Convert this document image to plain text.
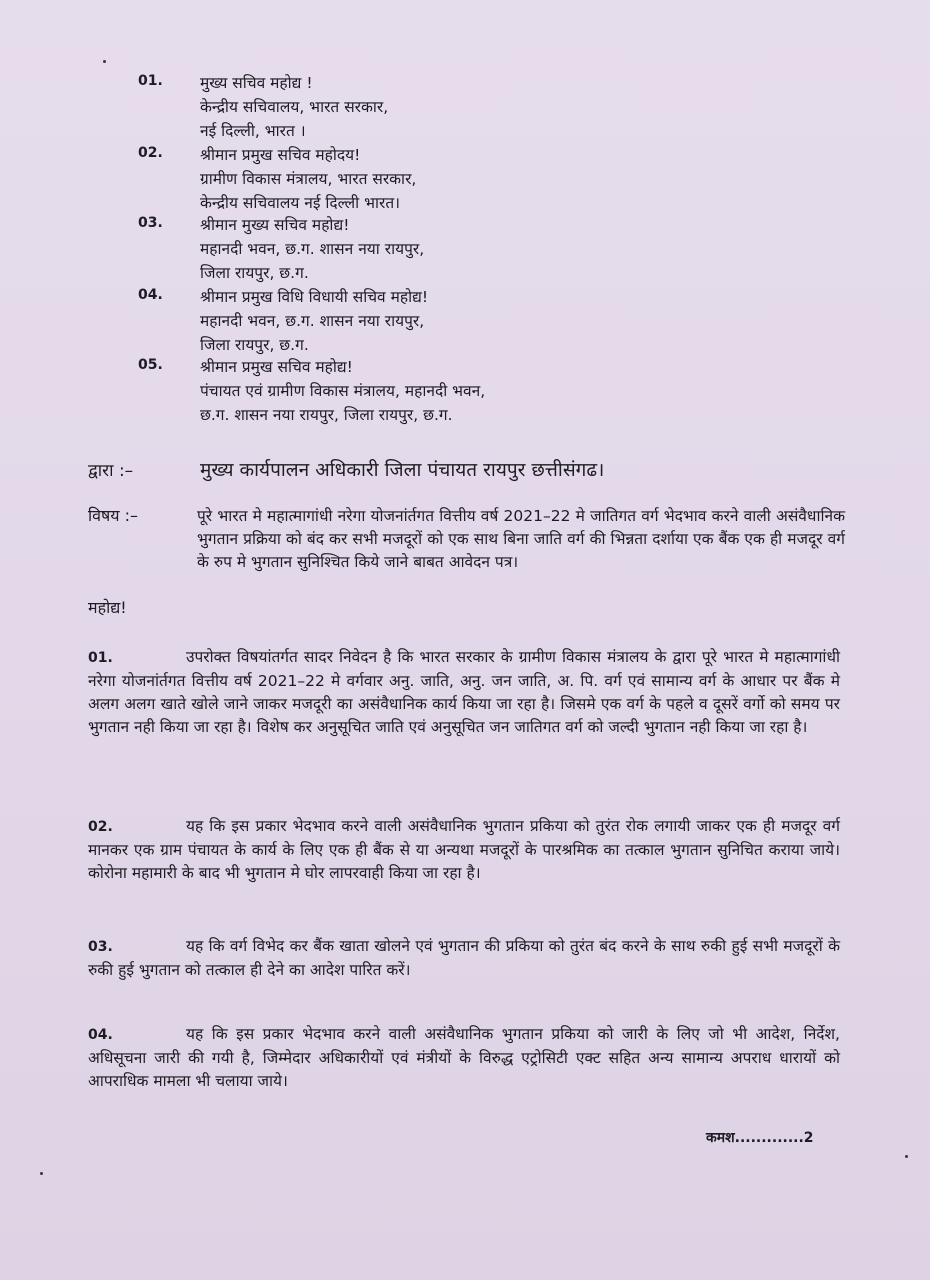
01. मुख्य सचिव महोद्य !
केन्द्रीय सचिवालय, भारत सरकार,
नई दिल्ली, भारत ।
02. श्रीमान प्रमुख सचिव महोदय!
ग्रामीण विकास मंत्रालय, भारत सरकार,
केन्द्रीय सचिवालय नई दिल्ली भारत।
03. श्रीमान मुख्य सचिव महोद्य!
महानदी भवन, छ.ग. शासन नया रायपुर,
जिला रायपुर, छ.ग.
04. श्रीमान प्रमुख विधि विधायी सचिव महोद्य!
महानदी भवन, छ.ग. शासन नया रायपुर,
जिला रायपुर, छ.ग.
05. श्रीमान प्रमुख सचिव महोद्य!
पंचायत एवं ग्रामीण विकास मंत्रालय, महानदी भवन,
छ.ग. शासन नया रायपुर, जिला रायपुर, छ.ग.
द्वारा :–	मुख्य कार्यपालन अधिकारी जिला पंचायत रायपुर छत्तीसंगढ।
विषय :–	पूरे भारत मे महात्मागांधी नरेगा योजनांर्तगत वित्तीय वर्ष 2021–22 मे जातिगत वर्ग भेदभाव करने वाली असंवैधानिक भुगतान प्रक्रिया को बंद कर सभी मजदूरों को एक साथ बिना जाति वर्ग की भिन्नता दर्शाया एक बैंक एक ही मजदूर वर्ग के रुप मे भुगतान सुनिश्चित किये जाने बाबत आवेदन पत्र।
महोद्य!
01.	उपरोक्त विषयांतर्गत सादर निवेदन है कि भारत सरकार के ग्रामीण विकास मंत्रालय के द्वारा पूरे भारत मे महात्मागांधी नरेगा योजनांर्तगत वित्तीय वर्ष 2021–22 मे वर्गवार अनु. जाति, अनु. जन जाति, अ. पि. वर्ग एवं सामान्य वर्ग के आधार पर बैंक मे अलग अलग खाते खोले जाने जाकर मजदूरी का असंवैधानिक कार्य किया जा रहा है। जिसमे एक वर्ग के पहले व दूसरें वर्गो को समय पर भुगतान नही किया जा रहा है। विशेष कर अनुसूचित जाति एवं अनुसूचित जन जातिगत वर्ग को जल्दी भुगतान नही किया जा रहा है।
02.	यह कि इस प्रकार भेदभाव करने वाली असंवैधानिक भुगतान प्रकिया को तुरंत रोक लगायी जाकर एक ही मजदूर वर्ग मानकर एक ग्राम पंचायत के कार्य के लिए एक ही बैंक से या अन्यथा मजदूरों के पारश्रमिक का तत्काल भुगतान सुनिचित कराया जाये। कोरोना महामारी के बाद भी भुगतान मे घोर लापरवाही किया जा रहा है।
03.	यह कि वर्ग विभेद कर बैंक खाता खोलने एवं भुगतान की प्रकिया को तुरंत बंद करने के साथ रुकी हुई सभी मजदूरों के रुकी हुई भुगतान को तत्काल ही देने का आदेश पारित करें।
04.	यह कि इस प्रकार भेदभाव करने वाली असंवैधानिक भुगतान प्रकिया को जारी के लिए जो भी आदेश, निर्देश, अधिसूचना जारी की गयी है, जिम्मेदार अधिकारीयों एवं मंत्रीयों के विरुद्ध एट्रोसिटी एक्ट सहित अन्य सामान्य अपराध धारायों को आपराधिक मामला भी चलाया जाये।
कमश.............2
